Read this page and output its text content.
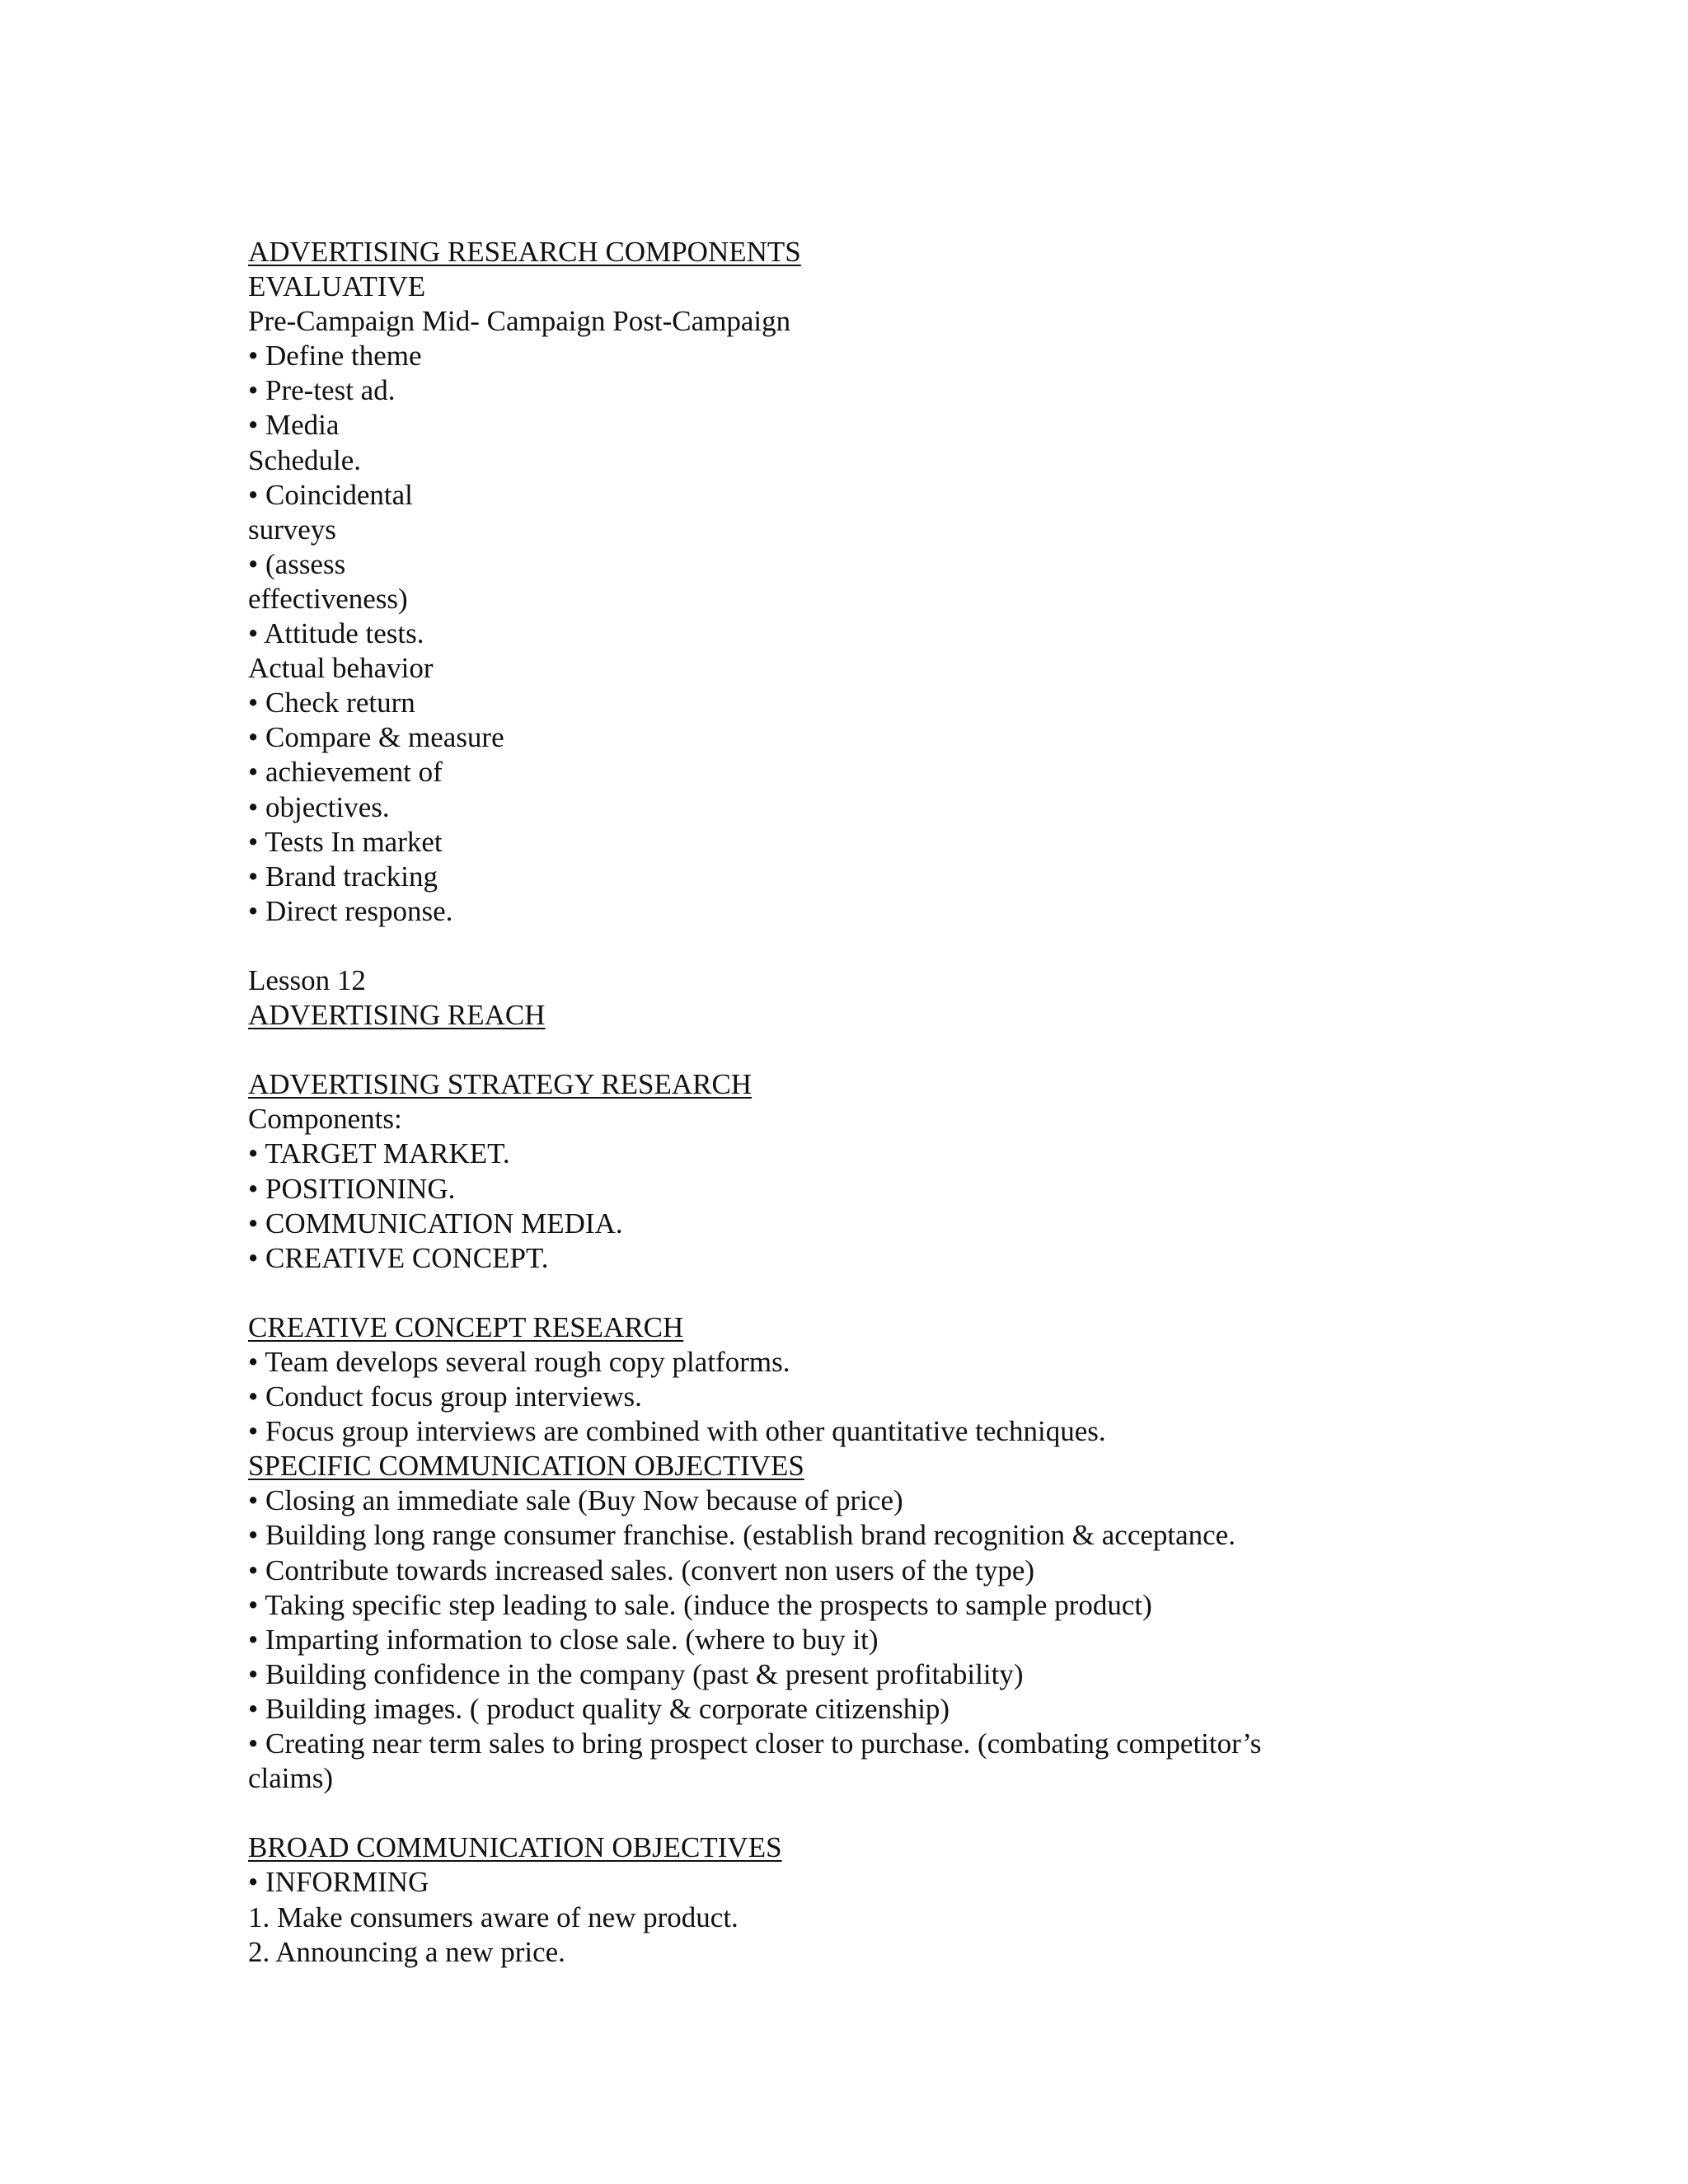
ADVERTISING RESEARCH COMPONENTS
EVALUATIVE
Pre-Campaign Mid- Campaign Post-Campaign
• Define theme
• Pre-test ad.
• Media
Schedule.
• Coincidental
surveys
• (assess
effectiveness)
• Attitude tests.
Actual behavior
• Check return
• Compare & measure
• achievement of
• objectives.
• Tests In market
• Brand tracking
• Direct response.
Lesson 12
ADVERTISING REACH
ADVERTISING STRATEGY RESEARCH
Components:
• TARGET MARKET.
• POSITIONING.
• COMMUNICATION MEDIA.
• CREATIVE CONCEPT.
CREATIVE CONCEPT RESEARCH
• Team develops several rough copy platforms.
• Conduct focus group interviews.
• Focus group interviews are combined with other quantitative techniques.
SPECIFIC COMMUNICATION OBJECTIVES
• Closing an immediate sale (Buy Now because of price)
• Building long range consumer franchise. (establish brand recognition & acceptance.
• Contribute towards increased sales. (convert non users of the type)
• Taking specific step leading to sale. (induce the prospects to sample product)
• Imparting information to close sale. (where to buy it)
• Building confidence in the company (past & present profitability)
• Building images. ( product quality & corporate citizenship)
• Creating near term sales to bring prospect closer to purchase. (combating competitor’s
claims)
BROAD COMMUNICATION OBJECTIVES
• INFORMING
1. Make consumers aware of new product.
2. Announcing a new price.
